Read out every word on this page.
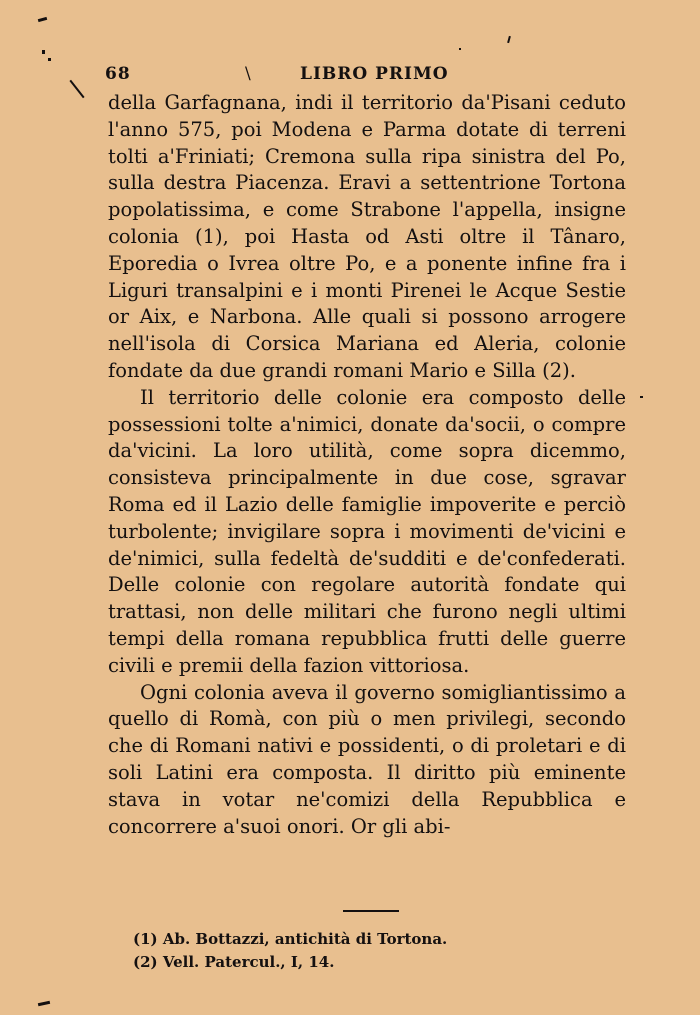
68	\	LIBRO PRIMO

della Garfagnana, indi il territorio da'Pisani ceduto l'anno 575, poi Modena e Parma dotate di terreni tolti a'Friniati; Cremona sulla ripa sinistra del Po, sulla destra Piacenza. Eravi a settentrione Tortona popolatissima, e come Strabone l'appella, insigne colonia (1), poi Hasta od Asti oltre il Tânaro, Eporedia o Ivrea oltre Po, e a ponente infine fra i Liguri transalpini e i monti Pirenei le Acque Sestie or Aix, e Narbona. Alle quali si possono arrogere nell'isola di Corsica Mariana ed Aleria, colonie fondate da due grandi romani Mario e Silla (2).

Il territorio delle colonie era composto delle possessioni tolte a'nimici, donate da'socii, o compre da'vicini. La loro utilità, come sopra dicemmo, consisteva principalmente in due cose, sgravar Roma ed il Lazio delle famiglie impoverite e perciò turbolente; invigilare sopra i movimenti de'vicini e de'nimici, sulla fedeltà de'sudditi e de'confederati. Delle colonie con regolare autorità fondate qui trattasi, non delle militari che furono negli ultimi tempi della romana repubblica frutti delle guerre civili e premii della fazion vittoriosa.

Ogni colonia aveva il governo somigliantissimo a quello di Romà, con più o men privilegi, secondo che di Romani nativi e possidenti, o di proletari e di soli Latini era composta. Il diritto più eminente stava in votar ne'comizi della Repubblica e concorrere a'suoi onori. Or gli abi-

(1) Ab. Bottazzi, antichità di Tortona.
(2) Vell. Patercul., I, 14.
